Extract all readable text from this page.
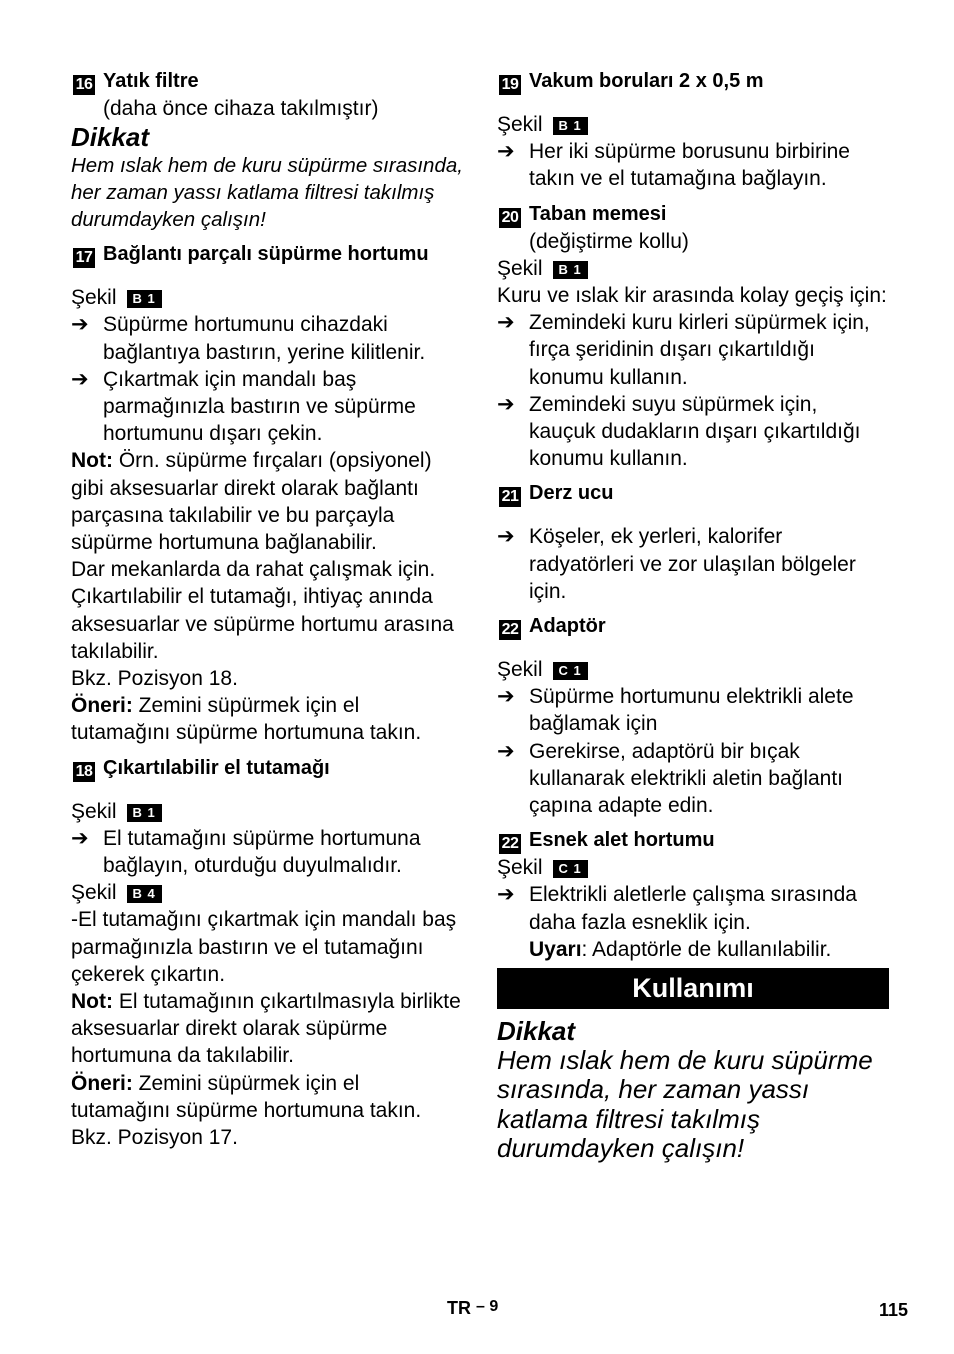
16 Yatık filtre

(daha önce cihaza takılmıştır)

Dikkat

Hem ıslak hem de kuru süpürme sırasında, her zaman yassı katlama filtresi takılmış durumdayken çalışın!

17 Bağlantı parçalı süpürme hortumu

Şekil B 1

➔ Süpürme hortumunu cihazdaki bağlantıya bastırın, yerine kilitlenir.

➔ Çıkartmak için mandalı baş parmağınızla bastırın ve süpürme hortumunu dışarı çekin.

Not: Örn. süpürme fırçaları (opsiyonel) gibi aksesuarlar direkt olarak bağlantı parçasına takılabilir ve bu parçayla süpürme hortumuna bağlanabilir.

Dar mekanlarda da rahat çalışmak için. Çıkartılabilir el tutamağı, ihtiyaç anında aksesuarlar ve süpürme hortumu arasına takılabilir.

Bkz. Pozisyon 18.

Öneri: Zemini süpürmek için el tutamağını süpürme hortumuna takın.

18 Çıkartılabilir el tutamağı

Şekil B 1

➔ El tutamağını süpürme hortumuna bağlayın, oturduğu duyulmalıdır.

Şekil B 4

-El tutamağını çıkartmak için mandalı baş parmağınızla bastırın ve el tutamağını çekerek çıkartın.

Not: El tutamağının çıkartılmasıyla birlikte aksesuarlar direkt olarak süpürme hortumuna da takılabilir.

Öneri: Zemini süpürmek için el tutamağını süpürme hortumuna takın.

Bkz. Pozisyon 17.

19 Vakum boruları 2 x 0,5 m

Şekil B 1

➔ Her iki süpürme borusunu birbirine takın ve el tutamağına bağlayın.

20 Taban memesi

(değiştirme kollu)

Şekil B 1

Kuru ve ıslak kir arasında kolay geçiş için:

➔ Zemindeki kuru kirleri süpürmek için, fırça şeridinin dışarı çıkartıldığı konumu kullanın.

➔ Zemindeki suyu süpürmek için, kauçuk dudakların dışarı çıkartıldığı konumu kullanın.

21 Derz ucu

➔ Köşeler, ek yerleri, kalorifer radyatörleri ve zor ulaşılan bölgeler için.

22 Adaptör

Şekil C 1

➔ Süpürme hortumunu elektrikli alete bağlamak için

➔ Gerekirse, adaptörü bir bıçak kullanarak elektrikli aletin bağlantı çapına adapte edin.

22 Esnek alet hortumu

Şekil C 1

➔ Elektrikli aletlerle çalışma sırasında daha fazla esneklik için.

Uyarı: Adaptörle de kullanılabilir.

Kullanımı

Dikkat

Hem ıslak hem de kuru süpürme sırasında, her zaman yassı katlama filtresi takılmış durumdayken çalışın!

TR – 9	115
